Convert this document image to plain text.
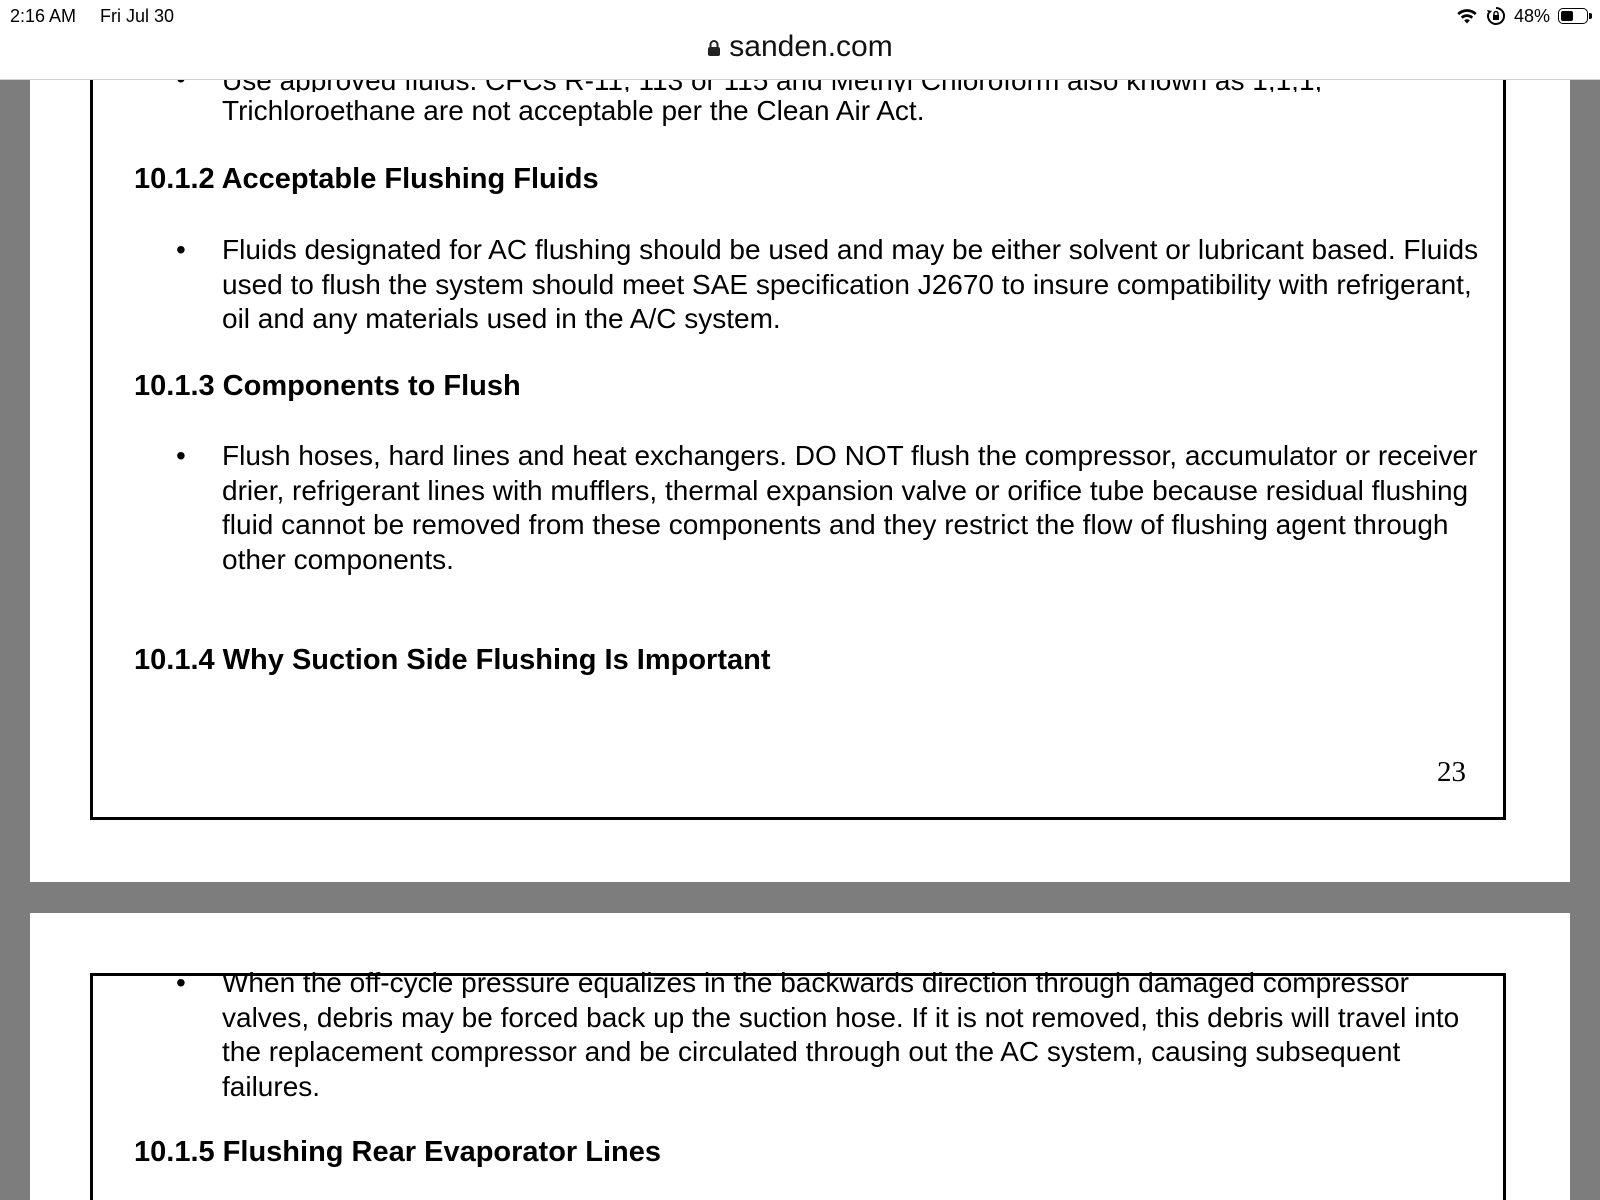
Trichloroethane are not acceptable per the Clean Air Act.
10.1.2 Acceptable Flushing Fluids
• Fluids designated for AC flushing should be used and may be either solvent or lubricant based. Fluids used to flush the system should meet SAE specification J2670 to insure compatibility with refrigerant, oil and any materials used in the A/C system.
10.1.3 Components to Flush
• Flush hoses, hard lines and heat exchangers. DO NOT flush the compressor, accumulator or receiver drier, refrigerant lines with mufflers, thermal expansion valve or orifice tube because residual flushing fluid cannot be removed from these components and they restrict the flow of flushing agent through other components.
10.1.4 Why Suction Side Flushing Is Important
23
• When the off-cycle pressure equalizes in the backwards direction through damaged compressor valves, debris may be forced back up the suction hose. If it is not removed, this debris will travel into the replacement compressor and be circulated through out the AC system, causing subsequent failures.
10.1.5 Flushing Rear Evaporator Lines
2:16 AM Fri Jul 30	48%
sanden.com
